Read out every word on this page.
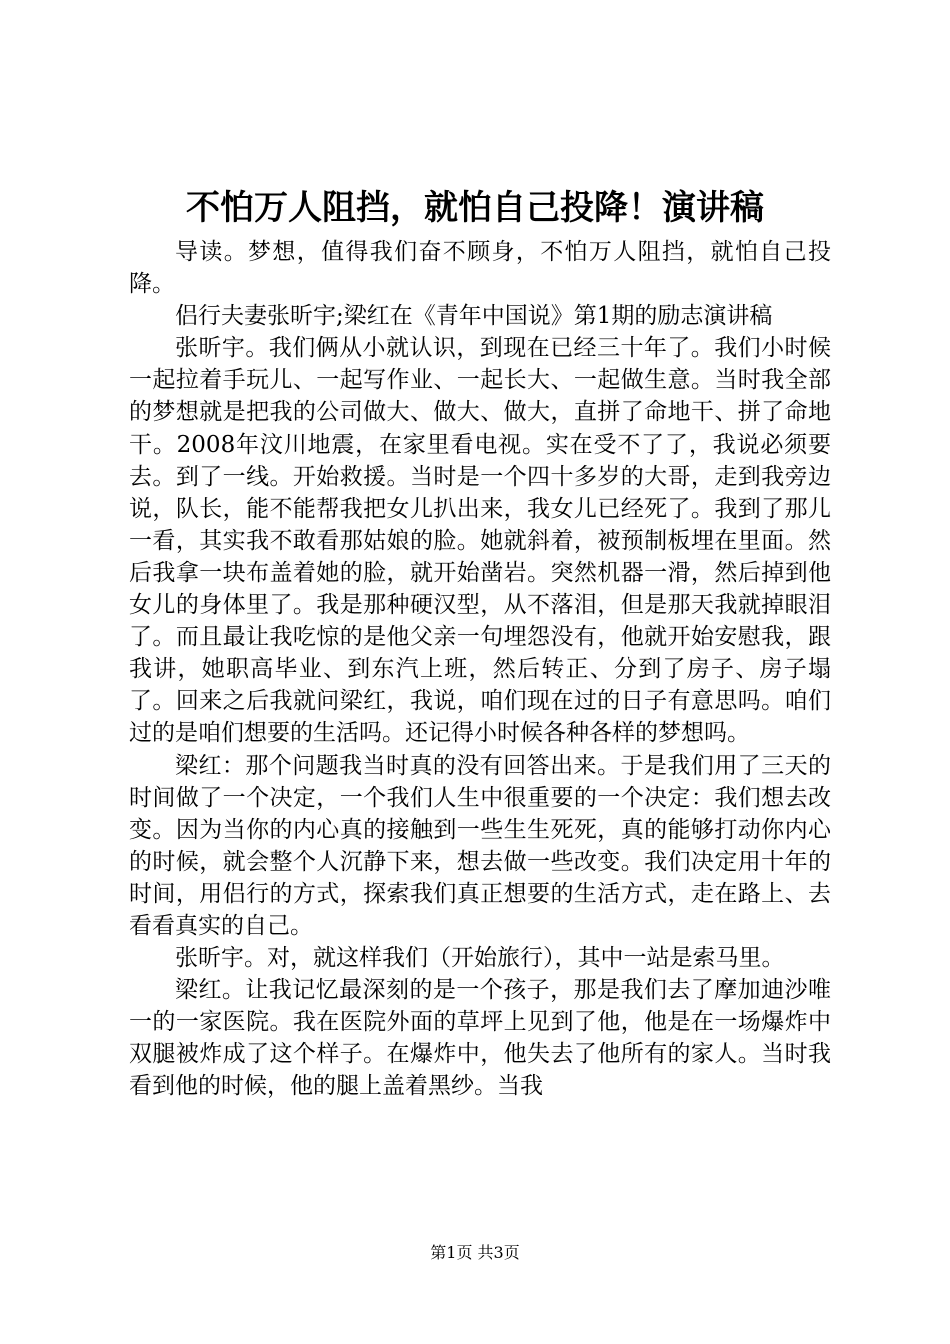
不怕万人阻挡，就怕自己投降！演讲稿

导读。梦想，值得我们奋不顾身，不怕万人阻挡，就怕自己投降。

侣行夫妻张昕宇;梁红在《青年中国说》第1期的励志演讲稿

张昕宇。我们俩从小就认识，到现在已经三十年了。我们小时候一起拉着手玩儿、一起写作业、一起长大、一起做生意。当时我全部的梦想就是把我的公司做大、做大、做大，直拼了命地干、拼了命地干。2008年汶川地震，在家里看电视。实在受不了了，我说必须要去。到了一线。开始救援。当时是一个四十多岁的大哥，走到我旁边说，队长，能不能帮我把女儿扒出来，我女儿已经死了。我到了那儿一看，其实我不敢看那姑娘的脸。她就斜着，被预制板埋在里面。然后我拿一块布盖着她的脸，就开始凿岩。突然机器一滑，然后掉到他女儿的身体里了。我是那种硬汉型，从不落泪，但是那天我就掉眼泪了。而且最让我吃惊的是他父亲一句埋怨没有，他就开始安慰我，跟我讲，她职高毕业、到东汽上班，然后转正、分到了房子、房子塌了。回来之后我就问梁红，我说，咱们现在过的日子有意思吗。咱们过的是咱们想要的生活吗。还记得小时候各种各样的梦想吗。

梁红：那个问题我当时真的没有回答出来。于是我们用了三天的时间做了一个决定，一个我们人生中很重要的一个决定：我们想去改变。因为当你的内心真的接触到一些生生死死，真的能够打动你内心的时候，就会整个人沉静下来，想去做一些改变。我们决定用十年的时间，用侣行的方式，探索我们真正想要的生活方式，走在路上、去看看真实的自己。

张昕宇。对，就这样我们（开始旅行），其中一站是索马里。

梁红。让我记忆最深刻的是一个孩子，那是我们去了摩加迪沙唯一的一家医院。我在医院外面的草坪上见到了他，他是在一场爆炸中双腿被炸成了这个样子。在爆炸中，他失去了他所有的家人。当时我看到他的时候，他的腿上盖着黑纱。当我

第1页 共3页
